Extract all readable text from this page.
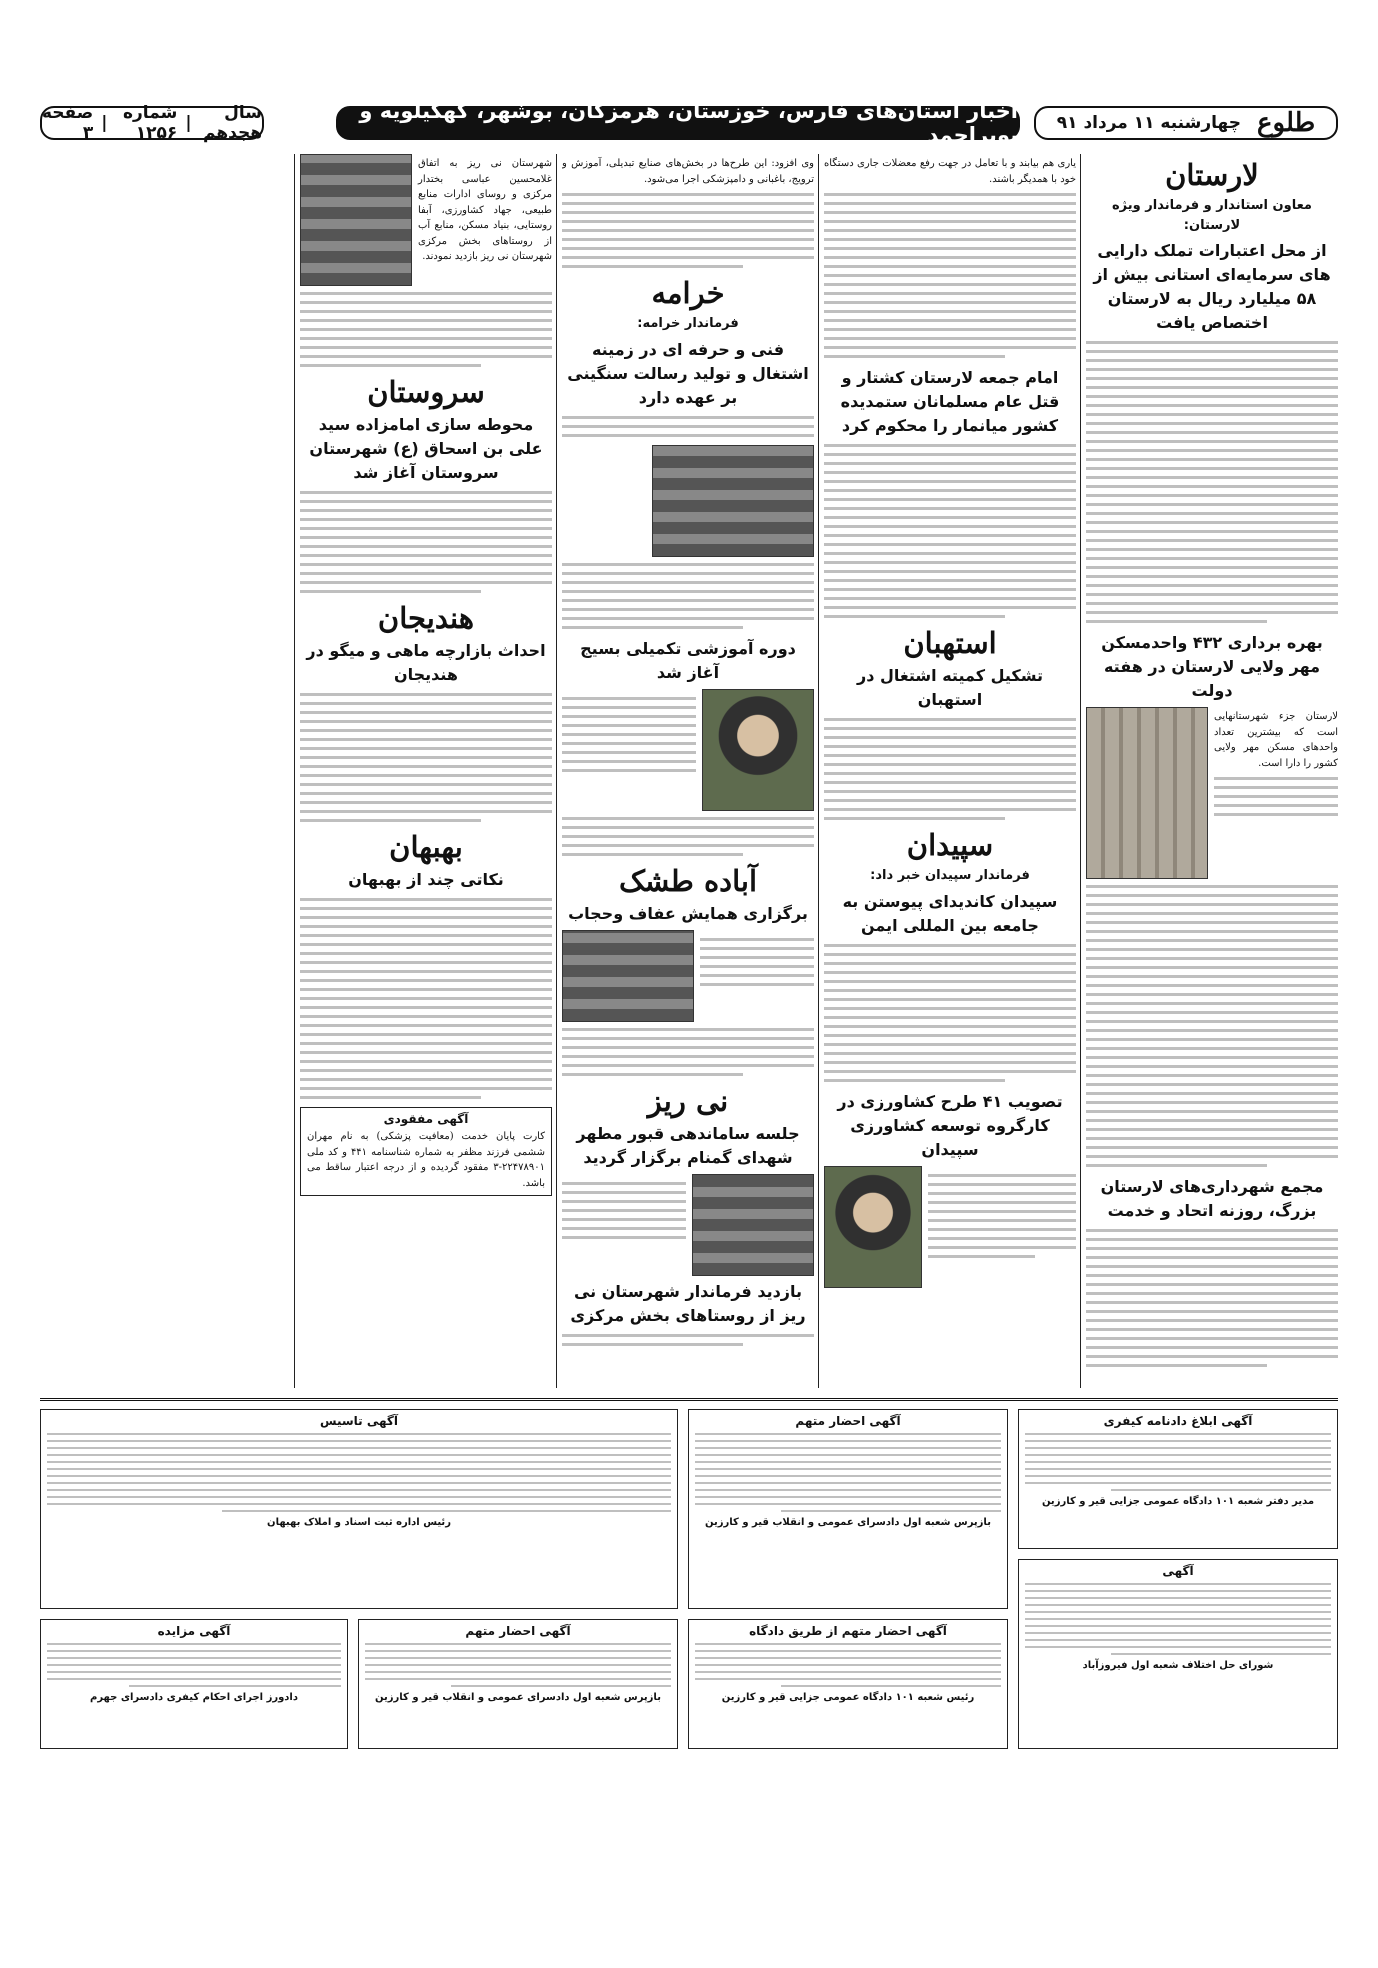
طلوع
چهارشنبه ۱۱ مرداد ۹۱
اخبار استان‌های فارس، خوزستان، هرمزگان، بوشهر، کهگیلویه و بویراحمد
سال هجدهم
|
شماره ۱۲۵۶
|
صفحه ۳
لارستان
معاون استاندار و فرماندار ویژه لارستان:
از محل اعتبارات تملک دارایی های سرمایه‌ای استانی بیش از ۵۸ میلیارد ریال به لارستان اختصاص یافت
بهره برداری ۴۳۲ واحدمسکن مهر ولایی لارستان در هفته دولت
لارستان جزء شهرستانهایی است که بیشترین تعداد واحدهای مسکن مهر ولایی کشور را دارا است.
مجمع شهرداری‌های لارستان بزرگ، روزنه اتحاد و خدمت
یاری هم بیابند و با تعامل در جهت رفع معضلات جاری دستگاه خود با همدیگر باشند.
امام جمعه لارستان کشتار و قتل عام مسلمانان ستمدیده کشور میانمار را محکوم کرد
استهبان
تشکیل کمیته اشتغال در استهبان
سپیدان
فرماندار سپیدان خبر داد:
سپیدان کاندیدای پیوستن به جامعه بین المللی ایمن
تصویب ۴۱ طرح کشاورزی در کارگروه توسعه کشاورزی سپیدان
وی افزود: این طرح‌ها در بخش‌های صنایع تبدیلی، آموزش و ترویج، باغبانی و دامپزشکی اجرا می‌شود.
خرامه
فرماندار خرامه:
فنی و حرفه ای در زمینه اشتغال و تولید رسالت سنگینی بر عهده دارد
دوره آموزشی تکمیلی بسیج آغاز شد
آباده طشک
برگزاری همایش عفاف وحجاب
نی ریز
جلسه ساماندهی قبور مطهر شهدای گمنام برگزار گردید
بازدید فرماندار شهرستان نی ریز از روستاهای بخش مرکزی
شهرستان نی ریز به اتفاق غلامحسین عباسی بختدار مرکزی و روسای ادارات منابع طبیعی، جهاد کشاورزی، آبفا روستایی، بنیاد مسکن، منابع آب از روستاهای بخش مرکزی شهرستان نی ریز بازدید نمودند.
سروستان
محوطه سازی امامزاده سید علی بن اسحاق (ع) شهرستان سروستان آغاز شد
هندیجان
احداث بازارچه ماهی و میگو در هندیجان
بهبهان
نکاتی چند از بهبهان
آگهی مفقودی
کارت پایان خدمت (معافیت پزشکی) به نام مهران ششمی فرزند مظفر به شماره شناسنامه ۴۴۱ و کد ملی ۲۲۴۷۸۹۰۱-۳ مفقود گردیده و از درجه اعتبار ساقط می باشد.
آگهی ابلاغ دادنامه کیفری
مدیر دفتر شعبه ۱۰۱ دادگاه عمومی جزایی قیر و کارزین
آگهی احضار متهم
بازپرس شعبه اول دادسرای عمومی و انقلاب قیر و کارزین
آگهی تاسیس
رئیس اداره ثبت اسناد و املاک بهبهان
آگهی
شورای حل اختلاف شعبه اول فیروزآباد
آگهی احضار متهم از طریق دادگاه
رئیس شعبه ۱۰۱ دادگاه عمومی جزایی قیر و کارزین
آگهی احضار متهم
بازپرس شعبه اول دادسرای عمومی و انقلاب قیر و کارزین
آگهی مزایده
دادورز اجرای احکام کیفری دادسرای جهرم
